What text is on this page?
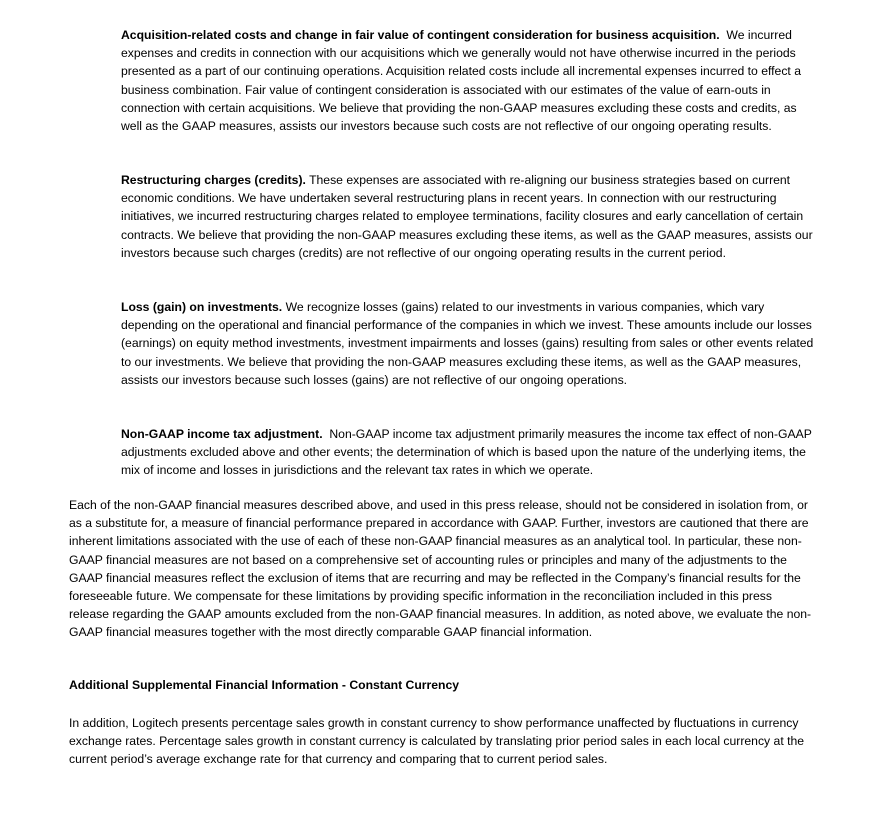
Acquisition-related costs and change in fair value of contingent consideration for business acquisition. We incurred expenses and credits in connection with our acquisitions which we generally would not have otherwise incurred in the periods presented as a part of our continuing operations. Acquisition related costs include all incremental expenses incurred to effect a business combination. Fair value of contingent consideration is associated with our estimates of the value of earn-outs in connection with certain acquisitions. We believe that providing the non-GAAP measures excluding these costs and credits, as well as the GAAP measures, assists our investors because such costs are not reflective of our ongoing operating results.

Restructuring charges (credits). These expenses are associated with re-aligning our business strategies based on current economic conditions. We have undertaken several restructuring plans in recent years. In connection with our restructuring initiatives, we incurred restructuring charges related to employee terminations, facility closures and early cancellation of certain contracts. We believe that providing the non-GAAP measures excluding these items, as well as the GAAP measures, assists our investors because such charges (credits) are not reflective of our ongoing operating results in the current period.

Loss (gain) on investments. We recognize losses (gains) related to our investments in various companies, which vary depending on the operational and financial performance of the companies in which we invest. These amounts include our losses (earnings) on equity method investments, investment impairments and losses (gains) resulting from sales or other events related to our investments. We believe that providing the non-GAAP measures excluding these items, as well as the GAAP measures, assists our investors because such losses (gains) are not reflective of our ongoing operations.

Non-GAAP income tax adjustment. Non-GAAP income tax adjustment primarily measures the income tax effect of non-GAAP adjustments excluded above and other events; the determination of which is based upon the nature of the underlying items, the mix of income and losses in jurisdictions and the relevant tax rates in which we operate.

Each of the non-GAAP financial measures described above, and used in this press release, should not be considered in isolation from, or as a substitute for, a measure of financial performance prepared in accordance with GAAP. Further, investors are cautioned that there are inherent limitations associated with the use of each of these non-GAAP financial measures as an analytical tool. In particular, these non-GAAP financial measures are not based on a comprehensive set of accounting rules or principles and many of the adjustments to the GAAP financial measures reflect the exclusion of items that are recurring and may be reflected in the Company’s financial results for the foreseeable future. We compensate for these limitations by providing specific information in the reconciliation included in this press release regarding the GAAP amounts excluded from the non-GAAP financial measures. In addition, as noted above, we evaluate the non-GAAP financial measures together with the most directly comparable GAAP financial information.

Additional Supplemental Financial Information - Constant Currency

In addition, Logitech presents percentage sales growth in constant currency to show performance unaffected by fluctuations in currency exchange rates. Percentage sales growth in constant currency is calculated by translating prior period sales in each local currency at the current period’s average exchange rate for that currency and comparing that to current period sales.
